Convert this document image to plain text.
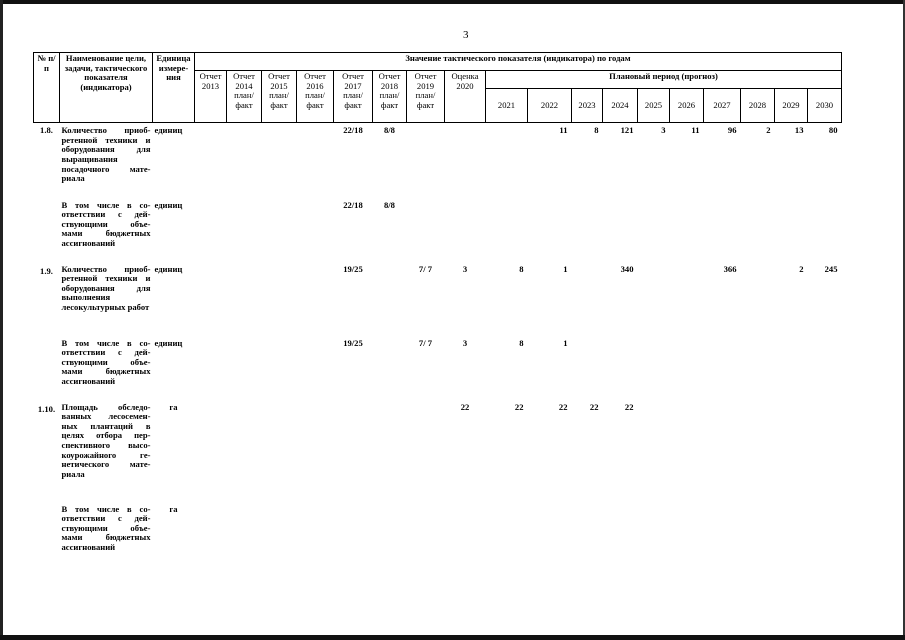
3
№ п/п	Наименование цели, задачи, тактического показателя (индикатора)	Единица измере-ния	Значение тактического показателя (индикатора) по годам																	
			Отчет 2013	Отчет 2014 план/ факт	Отчет 2015 план/ факт	Отчет 2016 план/ факт	Отчет 2017 план/ факт	Отчет 2018 план/ факт	Отчет 2019 план/ факт	Оценка 2020	Плановый период (прогноз)									
											2021	2022	2023	2024	2025	2026	2027	2028	2029	2030
1.8.	Количество приоб-ретенной техники и оборудования для выращивания посадочного мате-риала	единиц					22/18	8/8				11	8	121	3	11	96	2	13	80
	В том числе в со-ответствии с дей-ствующими объе-мами бюджетных ассигнований	единиц					22/18	8/8												
1.9.	Количество приоб-ретенной техники и оборудования для выполнения лесокультурных работ	единиц					19/25		7/ 7	3	8	1		340			366		2	245
	В том числе в со-ответствии с дей-ствующими объе-мами бюджетных ассигнований	единиц					19/25		7/ 7	3	8	1								
1.10.	Площадь обследо-ванных лесосемен-ных плантаций в целях отбора пер-спективного высо-коурожайного ге-нетического мате-риала	га								22	22	22	22	22						
	В том числе в со-ответствии с дей-ствующими объе-мами бюджетных ассигнований	га																		
